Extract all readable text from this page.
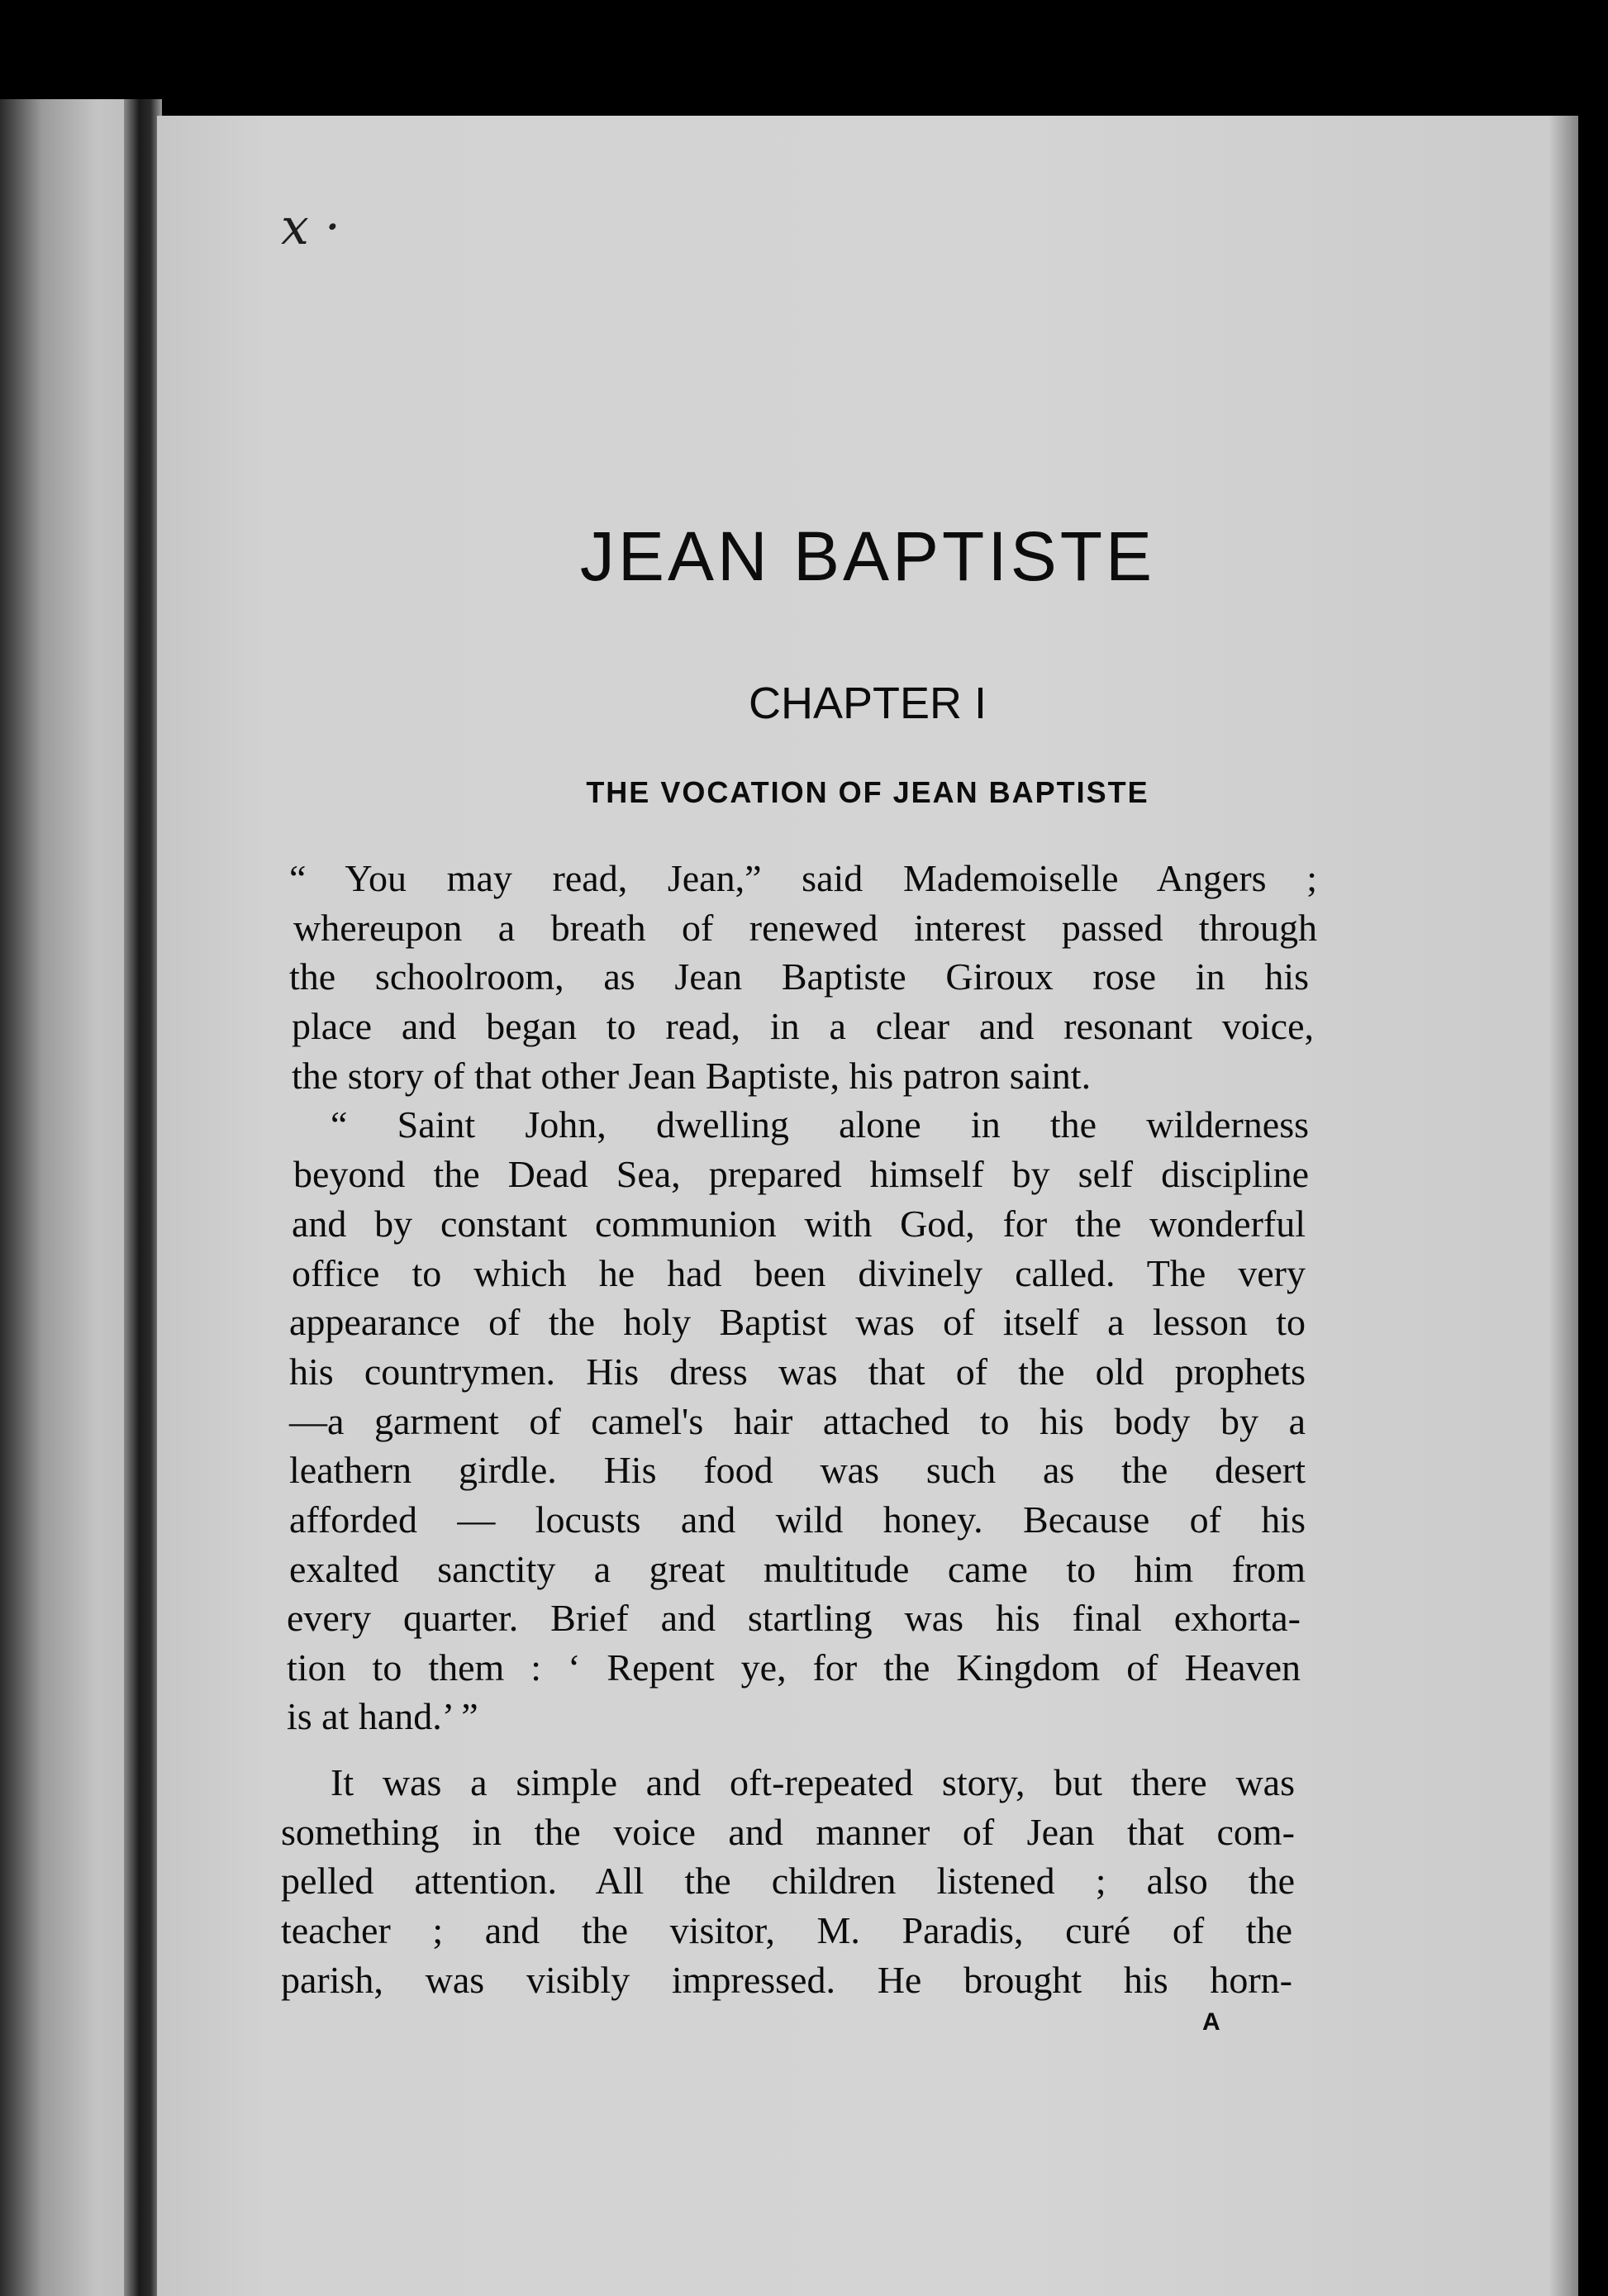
x ·
JEAN BAPTISTE
CHAPTER I
THE VOCATION OF JEAN BAPTISTE

“ You may read, Jean,” said Mademoiselle Angers ;

whereupon a breath of renewed interest passed through

the schoolroom, as Jean Baptiste Giroux rose in his

place and began to read, in a clear and resonant voice,

the story of that other Jean Baptiste, his patron saint.

“ Saint John, dwelling alone in the wilderness

beyond the Dead Sea, prepared himself by self discipline

and by constant communion with God, for the wonderful

office to which he had been divinely called. The very

appearance of the holy Baptist was of itself a lesson to

his countrymen. His dress was that of the old prophets

—a garment of camel's hair attached to his body by a

leathern girdle. His food was such as the desert

afforded — locusts and wild honey. Because of his

exalted sanctity a great multitude came to him from

every quarter. Brief and startling was his final exhorta-

tion to them : ‘ Repent ye, for the Kingdom of Heaven

is at hand.’ ”

It was a simple and oft-repeated story, but there was

something in the voice and manner of Jean that com-

pelled attention. All the children listened ; also the

teacher ; and the visitor, M. Paradis, curé of the

parish, was visibly impressed. He brought his horn-

A
